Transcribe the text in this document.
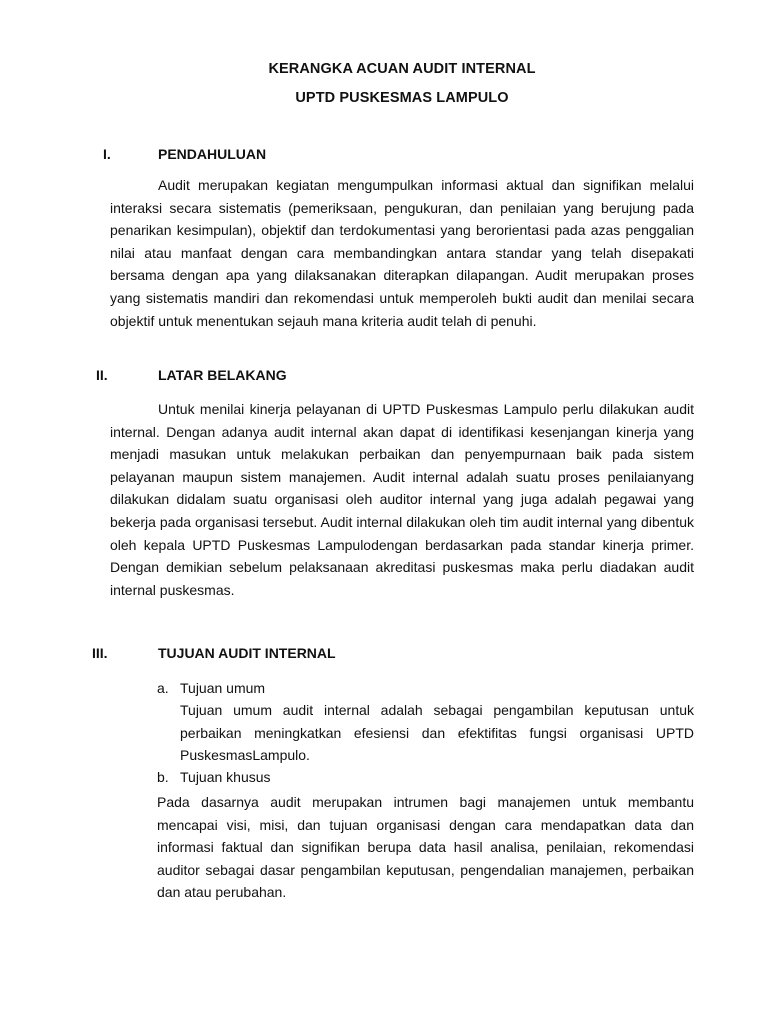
KERANGKA ACUAN AUDIT INTERNAL
UPTD PUSKESMAS LAMPULO
I.	PENDAHULUAN

Audit merupakan kegiatan mengumpulkan informasi aktual dan signifikan melalui interaksi secara sistematis (pemeriksaan, pengukuran, dan penilaian yang berujung pada penarikan kesimpulan), objektif dan terdokumentasi yang berorientasi pada azas penggalian nilai atau manfaat dengan cara membandingkan antara standar yang telah disepakati bersama dengan apa yang dilaksanakan diterapkan dilapangan. Audit merupakan proses yang sistematis mandiri dan rekomendasi untuk memperoleh bukti audit dan menilai secara objektif untuk menentukan sejauh mana kriteria audit telah di penuhi.

II.	LATAR BELAKANG

Untuk menilai kinerja pelayanan di UPTD Puskesmas Lampulo perlu dilakukan audit internal. Dengan adanya audit internal akan dapat di identifikasi kesenjangan kinerja yang menjadi masukan untuk melakukan perbaikan dan penyempurnaan baik pada sistem pelayanan maupun sistem manajemen. Audit internal adalah suatu proses penilaianyang dilakukan didalam suatu organisasi oleh auditor internal yang juga adalah pegawai yang bekerja pada organisasi tersebut. Audit internal dilakukan oleh tim audit internal yang dibentuk oleh kepala UPTD Puskesmas Lampulodengan berdasarkan pada standar kinerja primer. Dengan demikian sebelum pelaksanaan akreditasi puskesmas maka perlu diadakan audit internal puskesmas.

III.	TUJUAN AUDIT INTERNAL
a. Tujuan umum

Tujuan umum audit internal adalah sebagai pengambilan keputusan untuk perbaikan meningkatkan efesiensi dan efektifitas fungsi organisasi UPTD PuskesmasLampulo.

b. Tujuan khusus

Pada dasarnya audit merupakan intrumen bagi manajemen untuk membantu mencapai visi, misi, dan tujuan organisasi dengan cara mendapatkan data dan informasi faktual dan signifikan berupa data hasil analisa, penilaian, rekomendasi auditor sebagai dasar pengambilan keputusan, pengendalian manajemen, perbaikan dan atau perubahan.
